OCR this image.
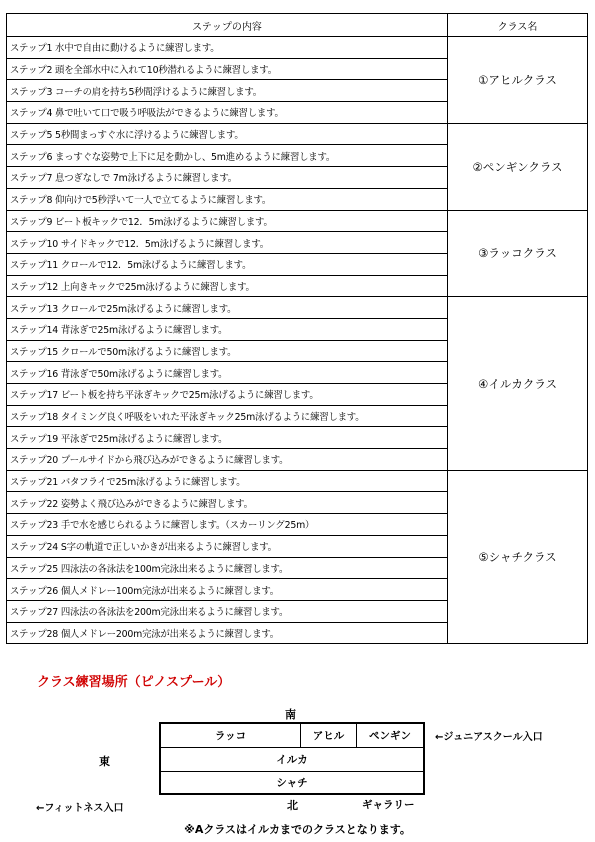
ステップの内容	クラス名
ステップ1 水中で自由に動けるように練習します。	①アヒルクラス
ステップ2 頭を全部水中に入れて10秒潜れるように練習します。	
ステップ3 コーチの肩を持ち5秒間浮けるように練習します。	
ステップ4 鼻で吐いて口で吸う呼吸法ができるように練習します。	
ステップ5 5秒間まっすぐ水に浮けるように練習します。	②ペンギンクラス
ステップ6 まっすぐな姿勢で上下に足を動かし、5m進めるように練習します。	
ステップ7 息つぎなしで 7m泳げるように練習します。	
ステップ8 仰向けで5秒浮いて一人で立てるように練習します。	
ステップ9 ビート板キックで12．5m泳げるように練習します。	③ラッコクラス
ステップ10 サイドキックで12．5m泳げるように練習します。	
ステップ11 クロールで12．5m泳げるように練習します。	
ステップ12 上向きキックで25m泳げるように練習します。	
ステップ13 クロールで25m泳げるように練習します。	④イルカクラス
ステップ14 背泳ぎで25m泳げるように練習します。	
ステップ15 クロールで50m泳げるように練習します。	
ステップ16 背泳ぎで50m泳げるように練習します。	
ステップ17 ビート板を持ち平泳ぎキックで25m泳げるように練習します。	
ステップ18 タイミング良く呼吸をいれた平泳ぎキック25m泳げるように練習します。	
ステップ19 平泳ぎで25m泳げるように練習します。	
ステップ20 プールサイドから飛び込みができるように練習します。	
ステップ21 バタフライで25m泳げるように練習します。	⑤シャチクラス
ステップ22 姿勢よく飛び込みができるように練習します。	
ステップ23 手で水を感じられるように練習します。（スカーリング25m）	
ステップ24 S字の軌道で正しいかきが出来るように練習します。	
ステップ25 四泳法の各泳法を100m完泳出来るように練習します。	
ステップ26 個人メドレー100m完泳が出来るように練習します。	
ステップ27 四泳法の各泳法を200m完泳出来るように練習します。	
ステップ28 個人メドレー200m完泳が出来るように練習します。	
クラス練習場所（ピノスプール）
南
東
←ジュニアスクール入口
←フィットネス入口	北	ギャラリー
ラッコ	アヒル	ペンギン
イルカ
シャチ
※Aクラスはイルカまでのクラスとなります。
